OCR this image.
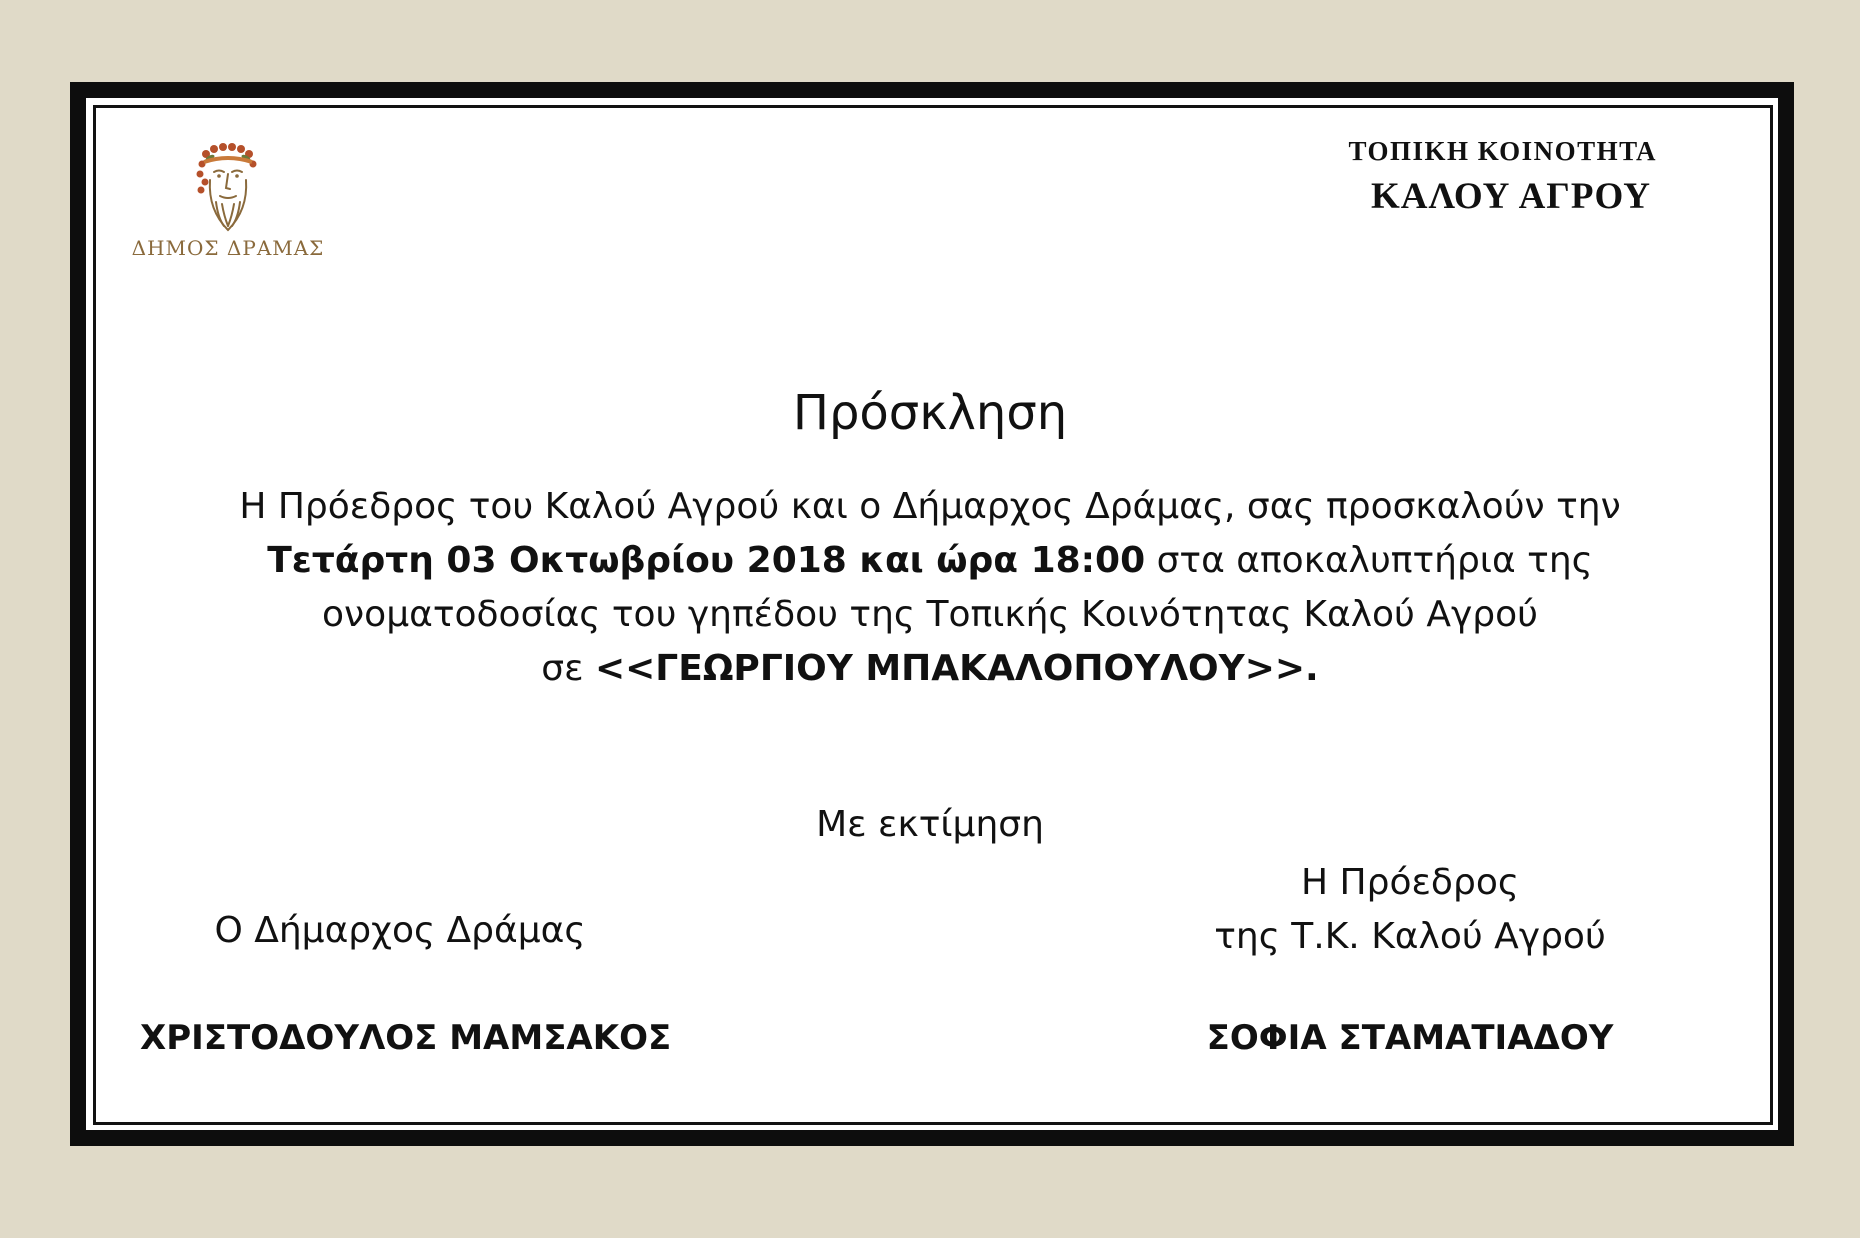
ΔΗΜΟΣ ΔΡΑΜΑΣ
ΤΟΠΙΚΗ ΚΟΙΝΟΤΗΤΑ
ΚΑΛΟΥ ΑΓΡΟΥ
Πρόσκληση
Η Πρόεδρος του Καλού Αγρού και ο Δήμαρχος Δράμας, σας προσκαλούν την
Τετάρτη 03 Οκτωβρίου 2018 και ώρα 18:00 στα αποκαλυπτήρια της
ονοματοδοσίας του γηπέδου της Τοπικής Κοινότητας Καλού Αγρού
σε <<ΓΕΩΡΓΙΟΥ ΜΠΑΚΑΛΟΠΟΥΛΟΥ>>.
Με εκτίμηση
Ο Δήμαρχος Δράμας
Η Πρόεδρος
της Τ.Κ. Καλού Αγρού
ΧΡΙΣΤΟΔΟΥΛΟΣ ΜΑΜΣΑΚΟΣ	ΣΟΦΙΑ ΣΤΑΜΑΤΙΑΔΟΥ
